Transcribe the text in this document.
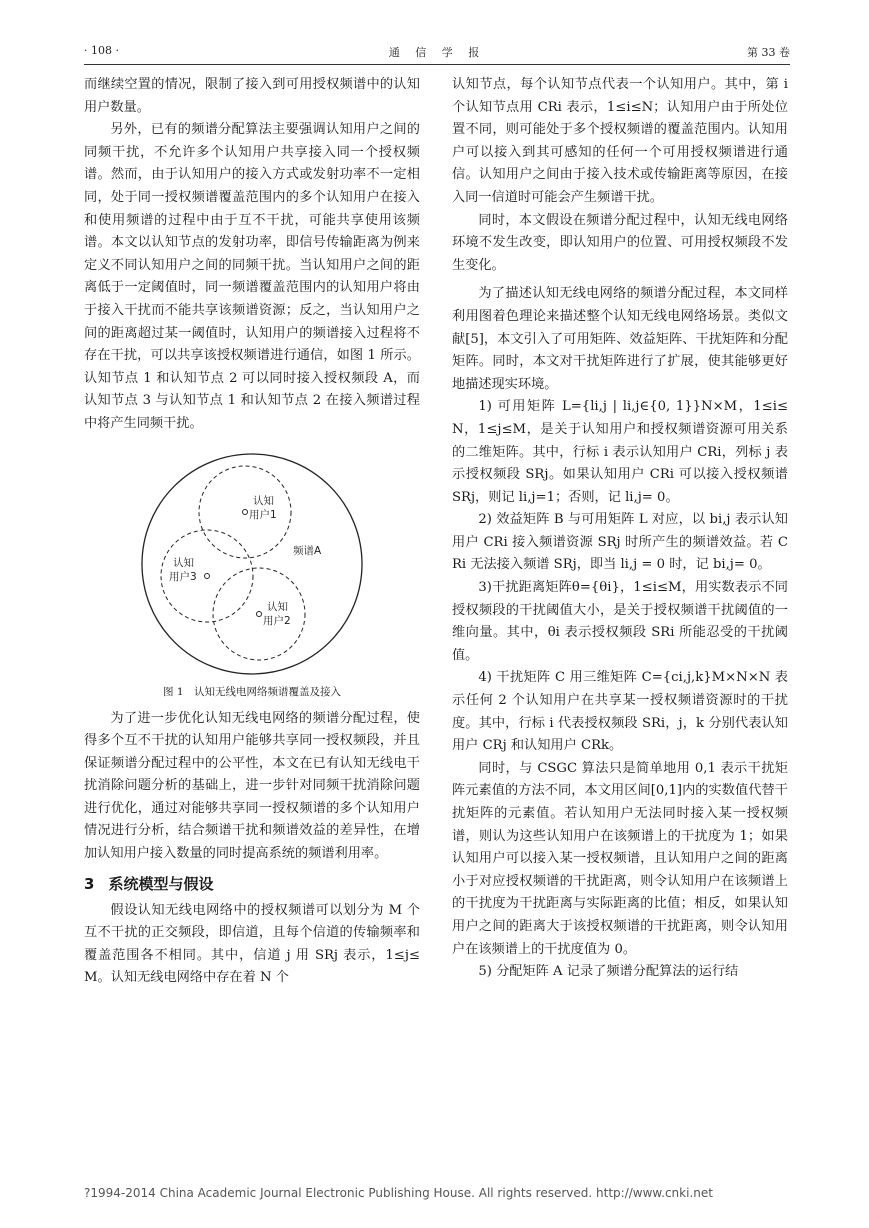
· 108 ·	通 信 学 报	第 33 卷

而继续空置的情况，限制了接入到可用授权频谱中的认知用户数量。

另外，已有的频谱分配算法主要强调认知用户之间的同频干扰，不允许多个认知用户共享接入同一个授权频谱。然而，由于认知用户的接入方式或发射功率不一定相同，处于同一授权频谱覆盖范围内的多个认知用户在接入和使用频谱的过程中由于互不干扰，可能共享使用该频谱。本文以认知节点的发射功率，即信号传输距离为例来定义不同认知用户之间的同频干扰。当认知用户之间的距离低于一定阈值时，同一频谱覆盖范围内的认知用户将由于接入干扰而不能共享该频谱资源；反之，当认知用户之间的距离超过某一阈值时，认知用户的频谱接入过程将不存在干扰，可以共享该授权频谱进行通信，如图 1 所示。认知节点 1 和认知节点 2 可以同时接入授权频段 A，而认知节点 3 与认知节点 1 和认知节点 2 在接入频谱过程中将产生同频干扰。

认知
用户1
认知
用户2
认知
用户3
频谱A
图 1　认知无线电网络频谱覆盖及接入

为了进一步优化认知无线电网络的频谱分配过程，使得多个互不干扰的认知用户能够共享同一授权频段，并且保证频谱分配过程中的公平性，本文在已有认知无线电干扰消除问题分析的基础上，进一步针对同频干扰消除问题进行优化，通过对能够共享同一授权频谱的多个认知用户情况进行分析，结合频谱干扰和频谱效益的差异性，在增加认知用户接入数量的同时提高系统的频谱利用率。

3 系统模型与假设

假设认知无线电网络中的授权频谱可以划分为 M 个互不干扰的正交频段，即信道，且每个信道的传输频率和覆盖范围各不相同。其中，信道 j 用 SRj 表示，1≤j≤M。认知无线电网络中存在着 N 个

认知节点，每个认知节点代表一个认知用户。其中，第 i 个认知节点用 CRi 表示，1≤i≤N；认知用户由于所处位置不同，则可能处于多个授权频谱的覆盖范围内。认知用户可以接入到其可感知的任何一个可用授权频谱进行通信。认知用户之间由于接入技术或传输距离等原因，在接入同一信道时可能会产生频谱干扰。

同时，本文假设在频谱分配过程中，认知无线电网络环境不发生改变，即认知用户的位置、可用授权频段不发生变化。

为了描述认知无线电网络的频谱分配过程，本文同样利用图着色理论来描述整个认知无线电网络场景。类似文献[5]，本文引入了可用矩阵、效益矩阵、干扰矩阵和分配矩阵。同时，本文对干扰矩阵进行了扩展，使其能够更好地描述现实环境。

1) 可用矩阵 L={li,j | li,j∈{0, 1}}N×M，1≤i≤N，1≤j≤M，是关于认知用户和授权频谱资源可用关系的二维矩阵。其中，行标 i 表示认知用户 CRi，列标 j 表示授权频段 SRj。如果认知用户 CRi 可以接入授权频谱 SRj，则记 li,j=1；否则，记 li,j= 0。

2) 效益矩阵 B 与可用矩阵 L 对应，以 bi,j 表示认知用户 CRi 接入频谱资源 SRj 时所产生的频谱效益。若 CRi 无法接入频谱 SRj，即当 li,j = 0 时，记 bi,j= 0。

3)干扰距离矩阵θ={θi}，1≤i≤M，用实数表示不同授权频段的干扰阈值大小，是关于授权频谱干扰阈值的一维向量。其中，θi 表示授权频段 SRi 所能忍受的干扰阈值。

4) 干扰矩阵 C 用三维矩阵 C={ci,j,k}M×N×N 表示任何 2 个认知用户在共享某一授权频谱资源时的干扰度。其中，行标 i 代表授权频段 SRi，j，k 分别代表认知用户 CRj 和认知用户 CRk。

同时，与 CSGC 算法只是简单地用 0,1 表示干扰矩阵元素值的方法不同，本文用区间[0,1]内的实数值代替干扰矩阵的元素值。若认知用户无法同时接入某一授权频谱，则认为这些认知用户在该频谱上的干扰度为 1；如果认知用户可以接入某一授权频谱，且认知用户之间的距离小于对应授权频谱的干扰距离，则令认知用户在该频谱上的干扰度为干扰距离与实际距离的比值；相反，如果认知用户之间的距离大于该授权频谱的干扰距离，则令认知用户在该频谱上的干扰度值为 0。

5) 分配矩阵 A 记录了频谱分配算法的运行结

?1994-2014 China Academic Journal Electronic Publishing House. All rights reserved. http://www.cnki.net
